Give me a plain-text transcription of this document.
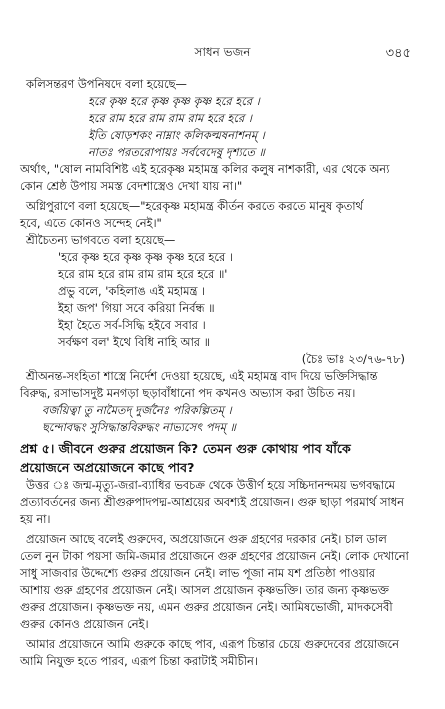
সাধন ভজন	৩৪৫
কলিসন্তরণ উপনিষদে বলা হয়েছে—
হরে কৃষ্ণ হরে কৃষ্ণ কৃষ্ণ কৃষ্ণ হরে হরে ।
হরে রাম হরে রাম রাম রাম হরে হরে ।
ইতি ষোড়শকং নাম্নাং কলিকল্মষনাশনম্ ।
নাতঃ পরতরোপায়ঃ সর্ববেদেষু দৃশ্যতে ॥
অর্থাৎ, "ষোল নামবিশিষ্ট এই হরেকৃষ্ণ মহামন্ত্র কলির কলুষ নাশকারী, এর থেকে অন্য
কোন শ্রেষ্ঠ উপায় সমস্ত বেদশাস্ত্রেও দেখা যায় না।"
অগ্নিপুরাণে বলা হয়েছে—"হরেকৃষ্ণ মহামন্ত্র কীর্তন করতে করতে মানুষ কৃতার্থ
হবে, এতে কোনও সন্দেহ নেই।"
শ্রীচৈতন্য ভাগবতে বলা হয়েছে—
'হরে কৃষ্ণ হরে কৃষ্ণ কৃষ্ণ কৃষ্ণ হরে হরে ।
হরে রাম হরে রাম রাম রাম হরে হরে ॥'
প্রভু বলে, 'কহিলাঙ এই মহামন্ত্র ।
ইহা জপ' গিয়া সবে করিয়া নির্বন্ধ ॥
ইহা হৈতে সর্ব-সিদ্ধি হইবে সবার ।
সর্বক্ষণ বল' ইথে বিধি নাহি আর ॥
(চৈঃ ভাঃ ২৩/৭৬-৭৮)
শ্রীঅনন্ত-সংহিতা শাস্ত্রে নির্দেশ দেওয়া হয়েছে, এই মহামন্ত্র বাদ দিয়ে ভক্তিসিদ্ধান্ত
বিরুদ্ধ, রসাভাসদুষ্ট মনগড়া ছড়াবাঁধানো পদ কখনও অভ্যাস করা উচিত নয়।
বর্জয়িত্বা তু নামৈতদ্ দুর্জনৈঃ পরিকল্পিতম্ ।
ছন্দোবদ্ধং সুসিদ্ধান্তবিরুদ্ধং নাভ্যসেৎ পদম্ ॥
প্রশ্ন ৫। জীবনে গুরুর প্রয়োজন কি? তেমন গুরু কোথায় পাব যাঁকে
প্রয়োজনে অপ্রয়োজনে কাছে পাব?
উত্তর ঃ জন্ম-মৃত্যু-জরা-ব্যাধির ভবচক্র থেকে উত্তীর্ণ হয়ে সচ্চিদানন্দময় ভগবদ্ধামে
প্রত্যাবর্তনের জন্য শ্রীগুরুপাদপদ্ম-আশ্রয়ের অবশ্যই প্রয়োজন। গুরু ছাড়া পরমার্থ সাধন
হয় না।
প্রয়োজন আছে বলেই গুরুদেব, অপ্রয়োজনে গুরু গ্রহণের দরকার নেই। চাল ডাল
তেল নুন টাকা পয়সা জমি-জমার প্রয়োজনে গুরু গ্রহণের প্রয়োজন নেই। লোক দেখানো
সাধু সাজবার উদ্দেশ্যে গুরুর প্রয়োজন নেই। লাভ পূজা নাম যশ প্রতিষ্ঠা পাওয়ার
আশায় গুরু গ্রহণের প্রয়োজন নেই। আসল প্রয়োজন কৃষ্ণভক্তি। তার জন্য কৃষ্ণভক্ত
গুরুর প্রয়োজন। কৃষ্ণভক্ত নয়, এমন গুরুর প্রয়োজন নেই। আমিষভোজী, মাদকসেবী
গুরুর কোনও প্রয়োজন নেই।
আমার প্রয়োজনে আমি গুরুকে কাছে পাব, এরূপ চিন্তার চেয়ে গুরুদেবের প্রয়োজনে
আমি নিযুক্ত হতে পারব, এরূপ চিন্তা করাটাই সমীচীন।
